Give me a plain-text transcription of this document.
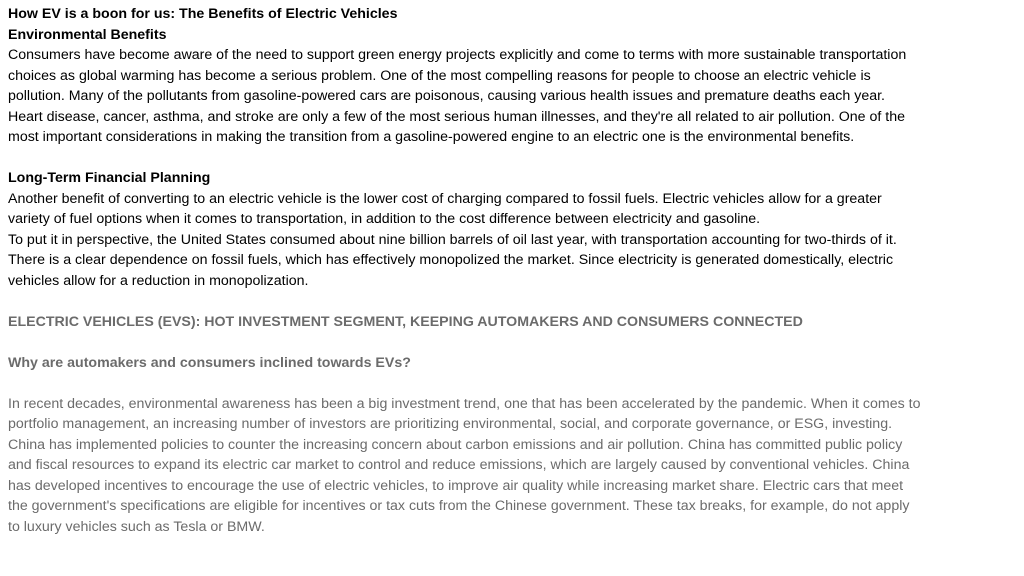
How EV is a boon for us: The Benefits of Electric Vehicles
Environmental Benefits

Consumers have become aware of the need to support green energy projects explicitly and come to terms with more sustainable transportation
choices as global warming has become a serious problem. One of the most compelling reasons for people to choose an electric vehicle is
pollution. Many of the pollutants from gasoline-powered cars are poisonous, causing various health issues and premature deaths each year.
Heart disease, cancer, asthma, and stroke are only a few of the most serious human illnesses, and they're all related to air pollution. One of the
most important considerations in making the transition from a gasoline-powered engine to an electric one is the environmental benefits.

Long-Term Financial Planning

Another benefit of converting to an electric vehicle is the lower cost of charging compared to fossil fuels. Electric vehicles allow for a greater
variety of fuel options when it comes to transportation, in addition to the cost difference between electricity and gasoline.
To put it in perspective, the United States consumed about nine billion barrels of oil last year, with transportation accounting for two-thirds of it.
There is a clear dependence on fossil fuels, which has effectively monopolized the market. Since electricity is generated domestically, electric
vehicles allow for a reduction in monopolization.

ELECTRIC VEHICLES (EVS): HOT INVESTMENT SEGMENT, KEEPING AUTOMAKERS AND CONSUMERS CONNECTED
Why are automakers and consumers inclined towards EVs?

In recent decades, environmental awareness has been a big investment trend, one that has been accelerated by the pandemic. When it comes to
portfolio management, an increasing number of investors are prioritizing environmental, social, and corporate governance, or ESG, investing.
China has implemented policies to counter the increasing concern about carbon emissions and air pollution. China has committed public policy
and fiscal resources to expand its electric car market to control and reduce emissions, which are largely caused by conventional vehicles. China
has developed incentives to encourage the use of electric vehicles, to improve air quality while increasing market share. Electric cars that meet
the government's specifications are eligible for incentives or tax cuts from the Chinese government. These tax breaks, for example, do not apply
to luxury vehicles such as Tesla or BMW.
